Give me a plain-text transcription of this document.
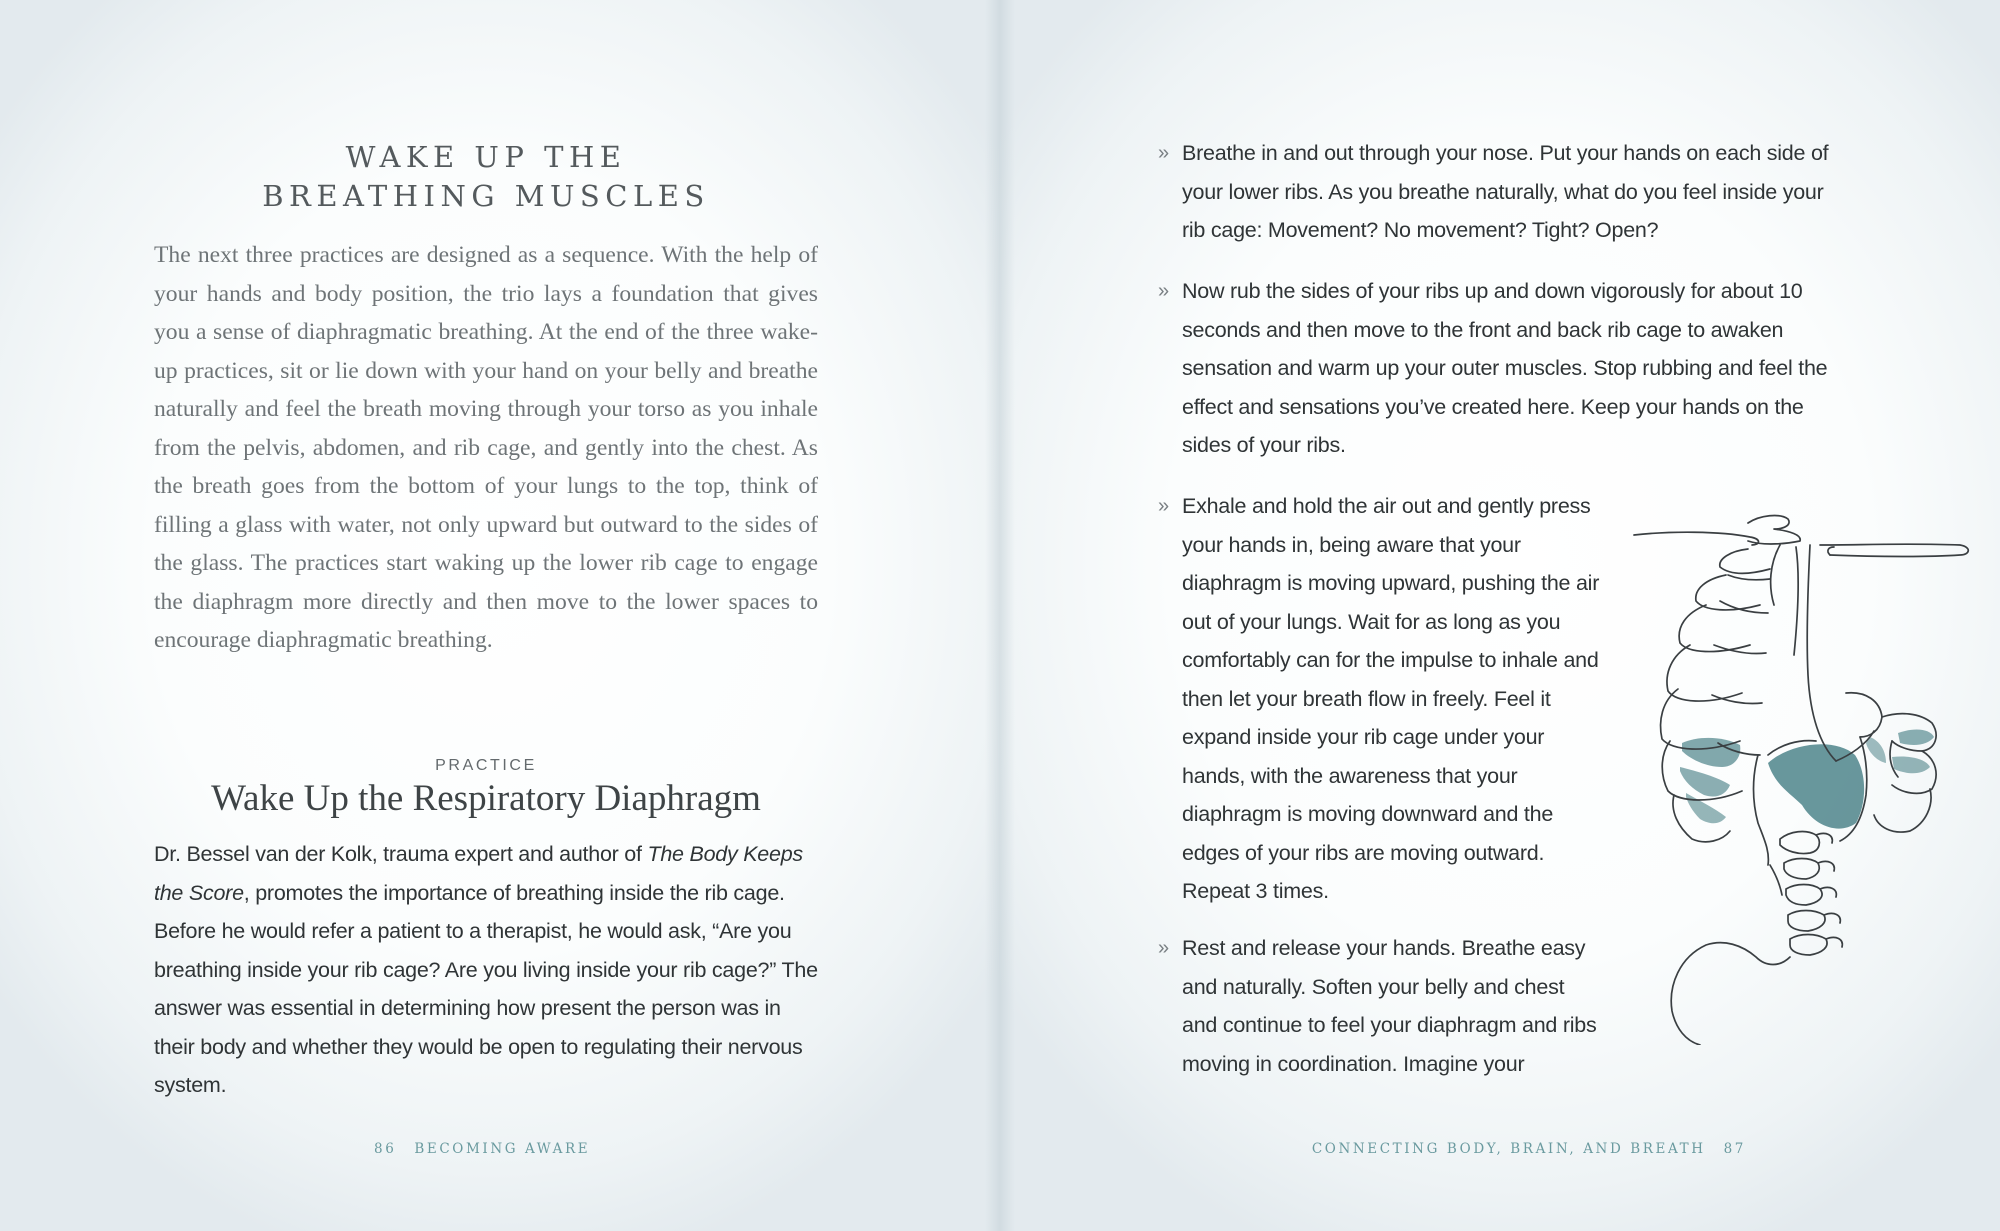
WAKE UP THE
BREATHING MUSCLES

The next three practices are designed as a sequence. With the help of your hands and body position, the trio lays a foundation that gives you a sense of diaphragmatic breathing. At the end of the three wake-up practices, sit or lie down with your hand on your belly and breathe naturally and feel the breath moving through your torso as you inhale from the pelvis, abdomen, and rib cage, and gently into the chest. As the breath goes from the bottom of your lungs to the top, think of filling a glass with water, not only upward but outward to the sides of the glass. The practices start waking up the lower rib cage to engage the diaphragm more directly and then move to the lower spaces to encourage diaphragmatic breathing.

PRACTICE

Wake Up the Respiratory Diaphragm

Dr. Bessel van der Kolk, trauma expert and author of The Body Keeps the Score, promotes the importance of breathing inside the rib cage. Before he would refer a patient to a therapist, he would ask, “Are you breathing inside your rib cage? Are you living inside your rib cage?” The answer was essential in determining how present the person was in their body and whether they would be open to regulating their nervous system.

86 BECOMING AWARE
» Breathe in and out through your nose. Put your hands on each side of your lower ribs. As you breathe naturally, what do you feel inside your rib cage: Movement? No movement? Tight? Open?

» Now rub the sides of your ribs up and down vigorously for about 10 seconds and then move to the front and back rib cage to awaken sensation and warm up your outer muscles. Stop rubbing and feel the effect and sensations you’ve created here. Keep your hands on the sides of your ribs.

» Exhale and hold the air out and gently press your hands in, being aware that your diaphragm is moving upward, pushing the air out of your lungs. Wait for as long as you comfortably can for the impulse to inhale and then let your breath flow in freely. Feel it expand inside your rib cage under your hands, with the awareness that your diaphragm is moving downward and the edges of your ribs are moving outward. Repeat 3 times.

» Rest and release your hands. Breathe easy and naturally. Soften your belly and chest and continue to feel your diaphragm and ribs moving in coordination. Imagine your

CONNECTING BODY, BRAIN, AND BREATH 87
